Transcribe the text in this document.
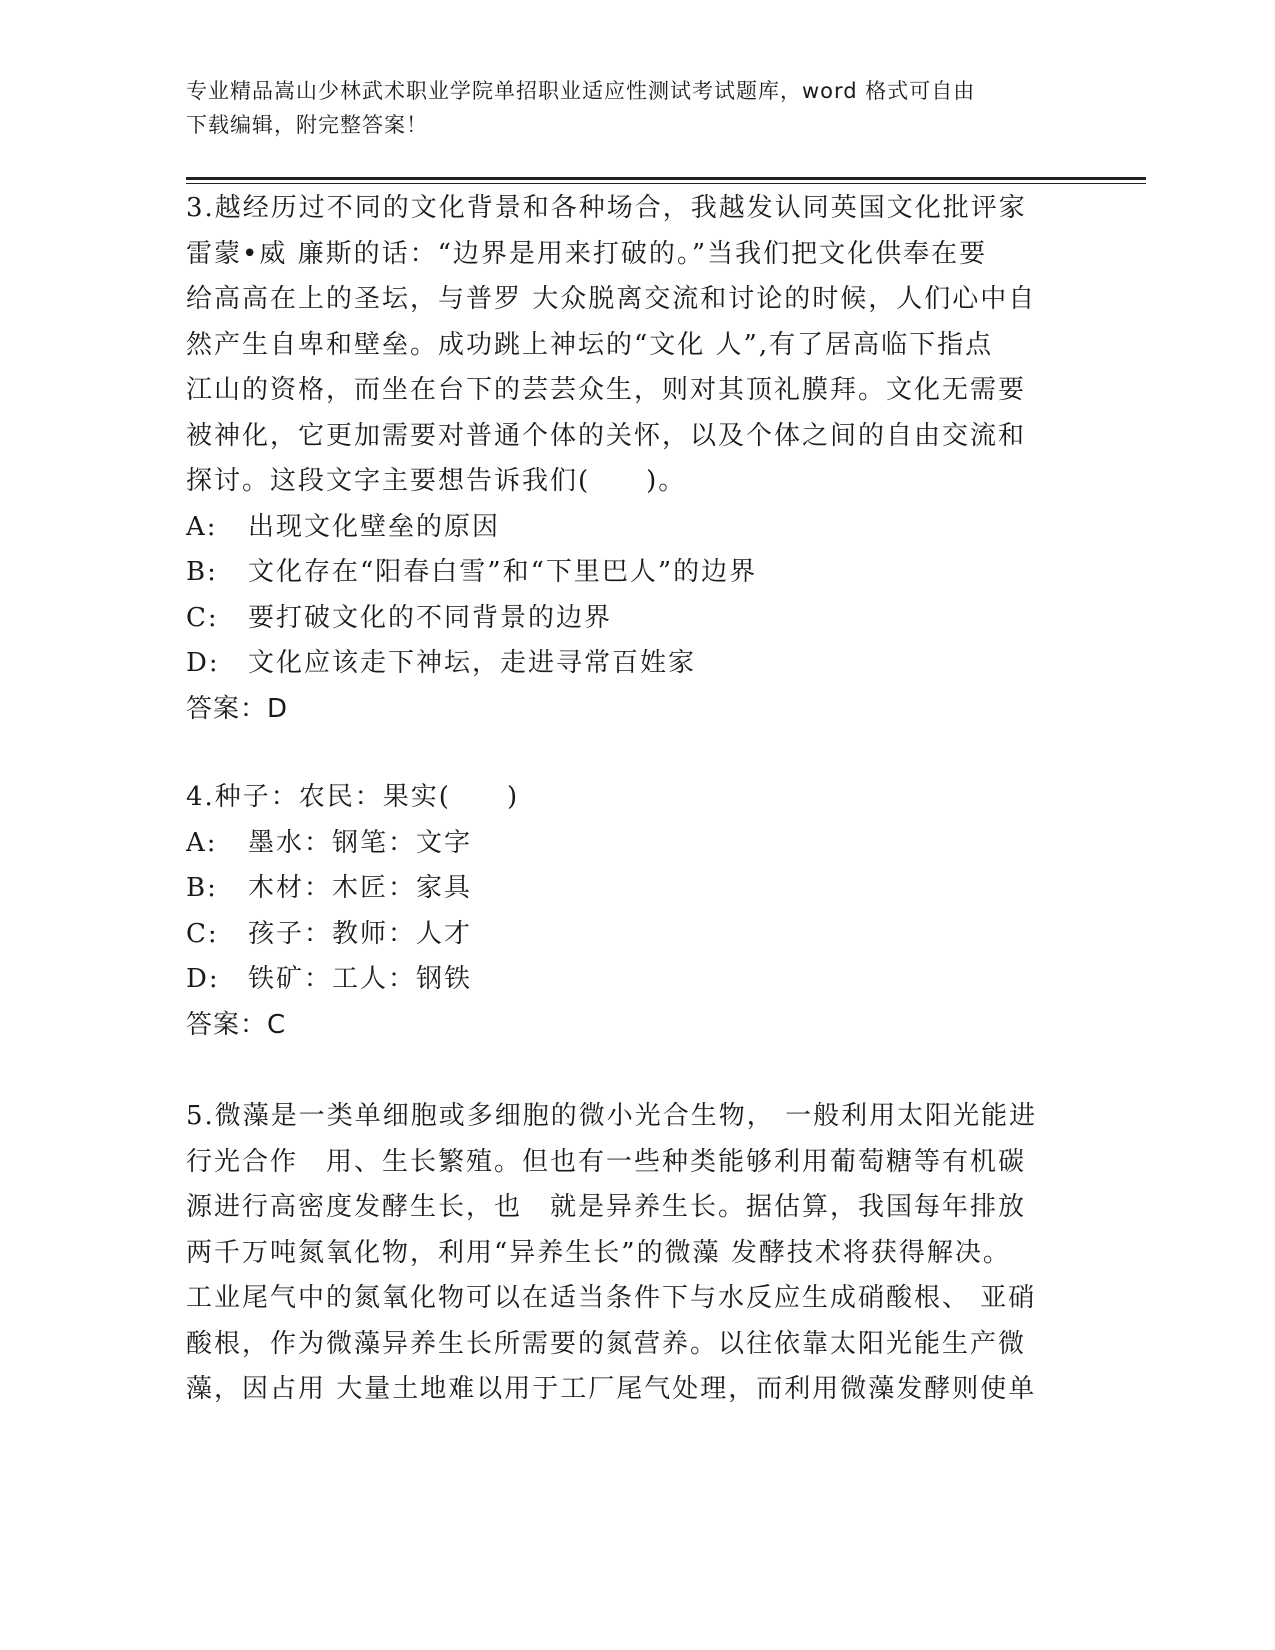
专业精品嵩山少林武术职业学院单招职业适应性测试考试题库，word 格式可自由
下载编辑，附完整答案！
3.越经历过不同的文化背景和各种场合，我越发认同英国文化批评家
雷蒙•威 廉斯的话：“边界是用来打破的。”当我们把文化供奉在要
给高高在上的圣坛，与普罗 大众脱离交流和讨论的时候，人们心中自
然产生自卑和壁垒。成功跳上神坛的“文化 人”,有了居高临下指点
江山的资格，而坐在台下的芸芸众生，则对其顶礼膜拜。文化无需要
被神化，它更加需要对普通个体的关怀，以及个体之间的自由交流和
探讨。这段文字主要想告诉我们(　　)。
A: 出现文化壁垒的原因
B: 文化存在“阳春白雪”和“下里巴人”的边界
C: 要打破文化的不同背景的边界
D: 文化应该走下神坛，走进寻常百姓家
答案：D
4.种子：农民：果实(　　)
A: 墨水：钢笔：文字
B: 木材：木匠：家具
C: 孩子：教师：人才
D: 铁矿：工人：钢铁
答案：C
5.微藻是一类单细胞或多细胞的微小光合生物， 一般利用太阳光能进
行光合作　用、生长繁殖。但也有一些种类能够利用葡萄糖等有机碳
源进行高密度发酵生长，也　就是异养生长。据估算，我国每年排放
两千万吨氮氧化物，利用“异养生长”的微藻 发酵技术将获得解决。
工业尾气中的氮氧化物可以在适当条件下与水反应生成硝酸根、 亚硝
酸根，作为微藻异养生长所需要的氮营养。以往依靠太阳光能生产微
藻，因占用 大量土地难以用于工厂尾气处理，而利用微藻发酵则使单
